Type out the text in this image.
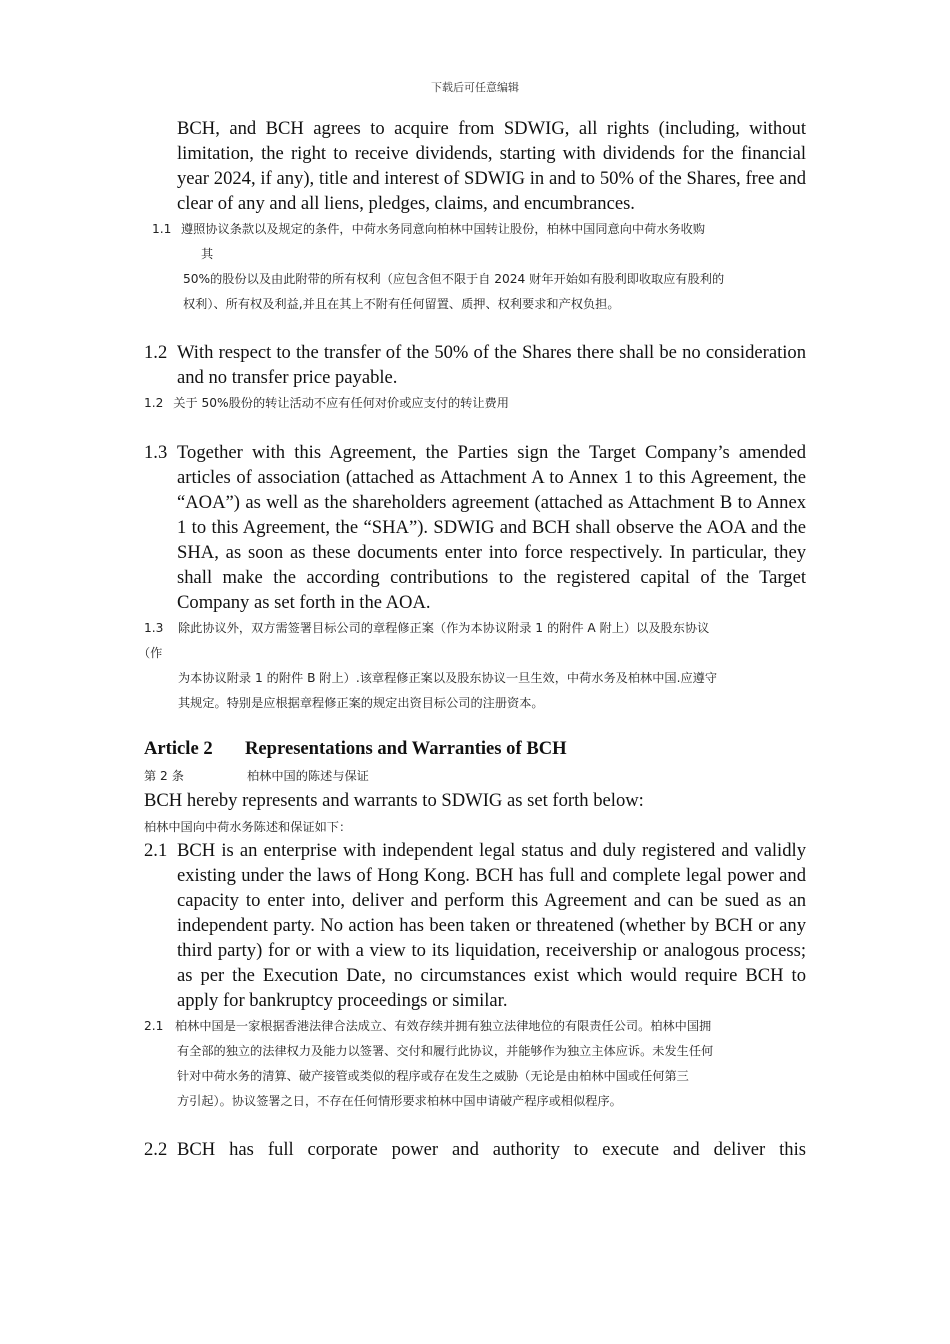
下载后可任意编辑
BCH, and BCH agrees to acquire from SDWIG, all rights (including, without limitation, the right to receive dividends, starting with dividends for the financial year 2024, if any), title and interest of SDWIG in and to 50% of the Shares, free and clear of any and all liens, pledges, claims, and encumbrances.
1.1 遵照协议条款以及规定的条件，中荷水务同意向柏林中国转让股份，柏林中国同意向中荷水务收购
其
50%的股份以及由此附带的所有权利（应包含但不限于自 2024 财年开始如有股利即收取应有股利的
权利）、所有权及利益,并且在其上不附有任何留置、质押、权利要求和产权负担。
1.2 With respect to the transfer of the 50% of the Shares there shall be no consideration and no transfer price payable.
1.2 关于 50%股份的转让活动不应有任何对价或应支付的转让费用
1.3 Together with this Agreement, the Parties sign the Target Company’s amended articles of association (attached as Attachment A to Annex 1 to this Agreement, the “AOA”) as well as the shareholders agreement (attached as Attachment B to Annex 1 to this Agreement, the “SHA”). SDWIG and BCH shall observe the AOA and the SHA, as soon as these documents enter into force respectively. In particular, they shall make the according contributions to the registered capital of the Target Company as set forth in the AOA.
1.3 除此协议外，双方需签署目标公司的章程修正案（作为本协议附录 1 的附件 A 附上）以及股东协议
（作
为本协议附录 1 的附件 B 附上）.该章程修正案以及股东协议一旦生效，中荷水务及柏林中国.应遵守
其规定。特别是应根据章程修正案的规定出资目标公司的注册资本。
Article 2 Representations and Warranties of BCH
第 2 条	柏林中国的陈述与保证
BCH hereby represents and warrants to SDWIG as set forth below:
柏林中国向中荷水务陈述和保证如下：
2.1 BCH is an enterprise with independent legal status and duly registered and validly existing under the laws of Hong Kong. BCH has full and complete legal power and capacity to enter into, deliver and perform this Agreement and can be sued as an independent party. No action has been taken or threatened (whether by BCH or any third party) for or with a view to its liquidation, receivership or analogous process; as per the Execution Date, no circumstances exist which would require BCH to apply for bankruptcy proceedings or similar.
2.1 柏林中国是一家根据香港法律合法成立、有效存续并拥有独立法律地位的有限责任公司。柏林中国拥
有全部的独立的法律权力及能力以签署、交付和履行此协议，并能够作为独立主体应诉。未发生任何
针对中荷水务的清算、破产接管或类似的程序或存在发生之威胁（无论是由柏林中国或任何第三
方引起）。协议签署之日，不存在任何情形要求柏林中国申请破产程序或相似程序。
2.2 BCH has full corporate power and authority to execute and deliver this
